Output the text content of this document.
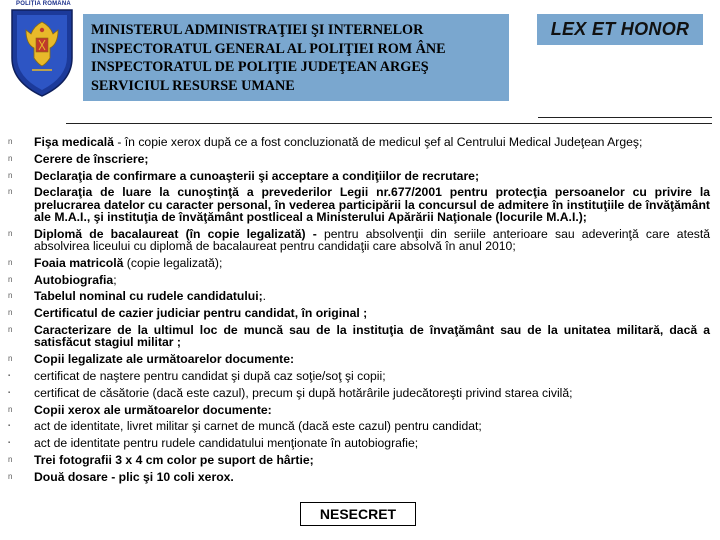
POLIȚIA ROMÂNĂ
MINISTERUL ADMINISTRAŢIEI ŞI INTERNELOR
INSPECTORATUL GENERAL AL POLIŢIEI ROM ÂNE
INSPECTORATUL DE POLIŢIE JUDEŢEAN ARGEŞ
SERVICIUL RESURSE UMANE
LEX ET HONOR
n	Fişa medicală - în copie xerox după ce a fost concluzionată de medicul şef al Centrului Medical Judeţean Argeş;
n	Cerere de înscriere;
n	Declaraţia de confirmare a cunoaşterii şi acceptare a condiţiilor de recrutare;
n	Declaraţia de luare la cunoştinţă a prevederilor Legii nr.677/2001 pentru protecţia persoanelor cu privire la prelucrarea datelor cu caracter personal, în vederea participării la concursul de admitere în instituţiile de învăţământ ale M.A.I., şi instituţia de învăţământ postliceal a Ministerului Apărării Naţionale (locurile M.A.I.);
n	Diplomă de bacalaureat (în copie legalizată) - pentru absolvenţii din seriile anterioare sau adeverinţă care atestă absolvirea liceului cu diplomă de bacalaureat pentru candidaţii care absolvă în anul 2010;
n	Foaia matricolă (copie legalizată);
n	Autobiografia;
n	Tabelul nominal cu rudele candidatului;.
n	Certificatul de cazier judiciar pentru candidat, în original ;
n	Caracterizare de la ultimul loc de muncă sau de la instituţia de învaţământ sau de la unitatea militară, dacă a satisfăcut stagiul militar ;
n	Copii legalizate ale următoarelor documente:
▪	certificat de naştere pentru candidat şi după caz soţie/soţ şi copii;
▪	certificat de căsătorie (dacă este cazul), precum şi după hotărârile judecătoreşti privind starea civilă;
n	Copii xerox ale următoarelor documente:
▪	act de identitate, livret militar şi carnet de muncă (dacă este cazul) pentru candidat;
▪	act de identitate pentru rudele candidatului menţionate în autobiografie;
n	Trei fotografii 3 x 4 cm color pe suport de hârtie;
n	Două dosare - plic şi 10 coli xerox.
NESECRET
